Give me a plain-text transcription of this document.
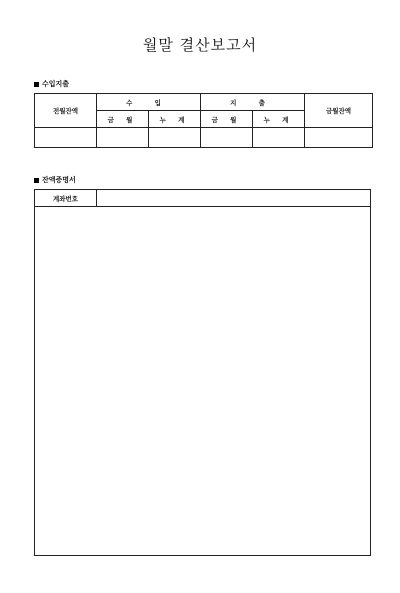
월말 결산보고서
수입지출
전월잔액	수 입		지 출		금월잔액
	금 월	누 계	금 월	누 계	

잔액증명서
계좌번호
